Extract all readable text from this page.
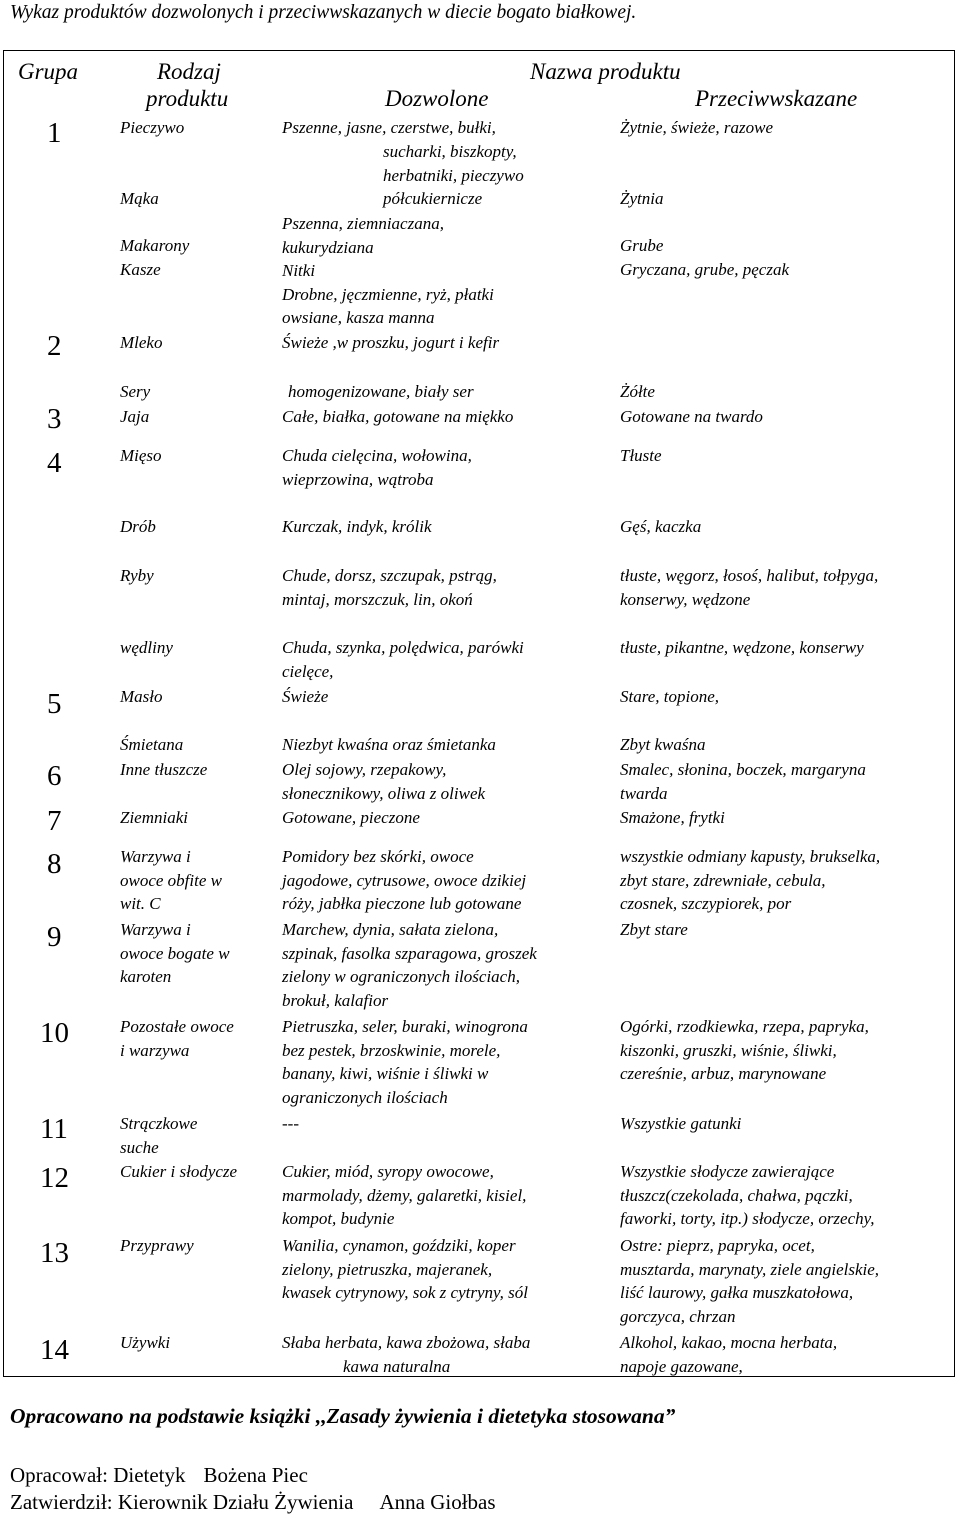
Wykaz produktów dozwolonych i przeciwwskazanych w diecie bogato białkowej.
Grupa	Rodzaj
produktu
Nazwa produktu
Dozwolone	Przeciwwskazane
1
2
3
4
5
6
7
8
9
10
11
12
13
14
Pieczywo
Mąka
Makarony
Kasze
Mleko
Sery
Jaja
Mięso
Drób
Ryby
wędliny
Masło
Śmietana
Inne tłuszcze
Ziemniaki
Warzywa i
owoce obfite w
wit. C
Warzywa i
owoce bogate w
karoten
Pozostałe owoce
i warzywa
Strączkowe
suche
Cukier i słodycze
Przyprawy
Używki
Pszenne, jasne, czerstwe, bułki,
sucharki, biszkopty,
herbatniki, pieczywo
półcukiernicze
Pszenna, ziemniaczana,
kukurydziana
Nitki
Drobne, jęczmienne, ryż, płatki
owsiane, kasza manna
Świeże ,w proszku, jogurt i kefir
homogenizowane, biały ser
Całe, białka, gotowane na miękko
Chuda cielęcina, wołowina,
wieprzowina, wątroba
Kurczak, indyk, królik
Chude, dorsz, szczupak, pstrąg,
mintaj, morszczuk, lin, okoń
Chuda, szynka, polędwica, parówki
cielęce,
Świeże
Niezbyt kwaśna oraz śmietanka
Olej sojowy, rzepakowy,
słonecznikowy, oliwa z oliwek
Gotowane, pieczone
Pomidory bez skórki, owoce
jagodowe, cytrusowe, owoce dzikiej
róży, jabłka pieczone lub gotowane
Marchew, dynia, sałata zielona,
szpinak, fasolka szparagowa, groszek
zielony w ograniczonych ilościach,
brokuł, kalafior
Pietruszka, seler, buraki, winogrona
bez pestek, brzoskwinie, morele,
banany, kiwi, wiśnie i śliwki w
ograniczonych ilościach
---
Cukier, miód, syropy owocowe,
marmolady, dżemy, galaretki, kisiel,
kompot, budynie
Wanilia, cynamon, goździki, koper
zielony, pietruszka, majeranek,
kwasek cytrynowy, sok z cytryny, sól
Słaba herbata, kawa zbożowa, słaba
kawa naturalna
Żytnie, świeże, razowe
Żytnia
Grube
Gryczana, grube, pęczak
Żółte
Gotowane na twardo
Tłuste
Gęś, kaczka
tłuste, węgorz, łosoś, halibut, tołpyga,
konserwy, wędzone
tłuste, pikantne, wędzone, konserwy
Stare, topione,
Zbyt kwaśna
Smalec, słonina, boczek, margaryna
twarda
Smażone, frytki
wszystkie odmiany kapusty, brukselka,
zbyt stare, zdrewniałe, cebula,
czosnek, szczypiorek, por
Zbyt stare
Ogórki, rzodkiewka, rzepa, papryka,
kiszonki, gruszki, wiśnie, śliwki,
czereśnie, arbuz, marynowane
Wszystkie gatunki
Wszystkie słodycze zawierające
tłuszcz(czekolada, chałwa, pączki,
faworki, torty, itp.) słodycze, orzechy,
Ostre: pieprz, papryka, ocet,
musztarda, marynaty, ziele angielskie,
liść laurowy, gałka muszkatołowa,
gorczyca, chrzan
Alkohol, kakao, mocna herbata,
napoje gazowane,
Opracowano na podstawie książki ,,Zasady żywienia i dietetyka stosowana”
Opracował: Dietetyk Bożena Piec
Zatwierdził: Kierownik Działu Żywienia Anna Giołbas
